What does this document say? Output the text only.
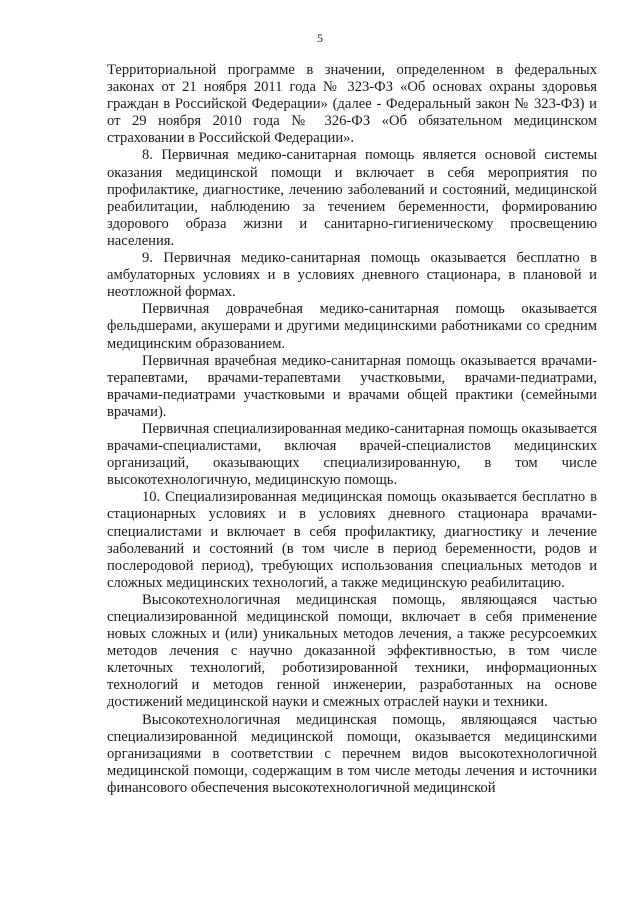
5

Территориальной программе в значении, определенном в федеральных законах от 21 ноября 2011 года № 323-ФЗ «Об основах охраны здоровья граждан в Российской Федерации» (далее - Федеральный закон № 323-ФЗ) и от 29 ноября 2010 года № 326-ФЗ «Об обязательном медицинском страховании в Российской Федерации».

8. Первичная медико-санитарная помощь является основой системы оказания медицинской помощи и включает в себя мероприятия по профилактике, диагностике, лечению заболеваний и состояний, медицинской реабилитации, наблюдению за течением беременности, формированию здорового образа жизни и санитарно-гигиеническому просвещению населения.

9. Первичная медико-санитарная помощь оказывается бесплатно в амбулаторных условиях и в условиях дневного стационара, в плановой и неотложной формах.

Первичная доврачебная медико-санитарная помощь оказывается фельдшерами, акушерами и другими медицинскими работниками со средним медицинским образованием.

Первичная врачебная медико-санитарная помощь оказывается врачами-терапевтами, врачами-терапевтами участковыми, врачами-педиатрами, врачами-педиатрами участковыми и врачами общей практики (семейными врачами).

Первичная специализированная медико-санитарная помощь оказывается врачами-специалистами, включая врачей-специалистов медицинских организаций, оказывающих специализированную, в том числе высокотехнологичную, медицинскую помощь.

10. Специализированная медицинская помощь оказывается бесплатно в стационарных условиях и в условиях дневного стационара врачами-специалистами и включает в себя профилактику, диагностику и лечение заболеваний и состояний (в том числе в период беременности, родов и послеродовой период), требующих использования специальных методов и сложных медицинских технологий, а также медицинскую реабилитацию.

Высокотехнологичная медицинская помощь, являющаяся частью специализированной медицинской помощи, включает в себя применение новых сложных и (или) уникальных методов лечения, а также ресурсоемких методов лечения с научно доказанной эффективностью, в том числе клеточных технологий, роботизированной техники, информационных технологий и методов генной инженерии, разработанных на основе достижений медицинской науки и смежных отраслей науки и техники.

Высокотехнологичная медицинская помощь, являющаяся частью специализированной медицинской помощи, оказывается медицинскими организациями в соответствии с перечнем видов высокотехнологичной медицинской помощи, содержащим в том числе методы лечения и источники финансового обеспечения высокотехнологичной медицинской
